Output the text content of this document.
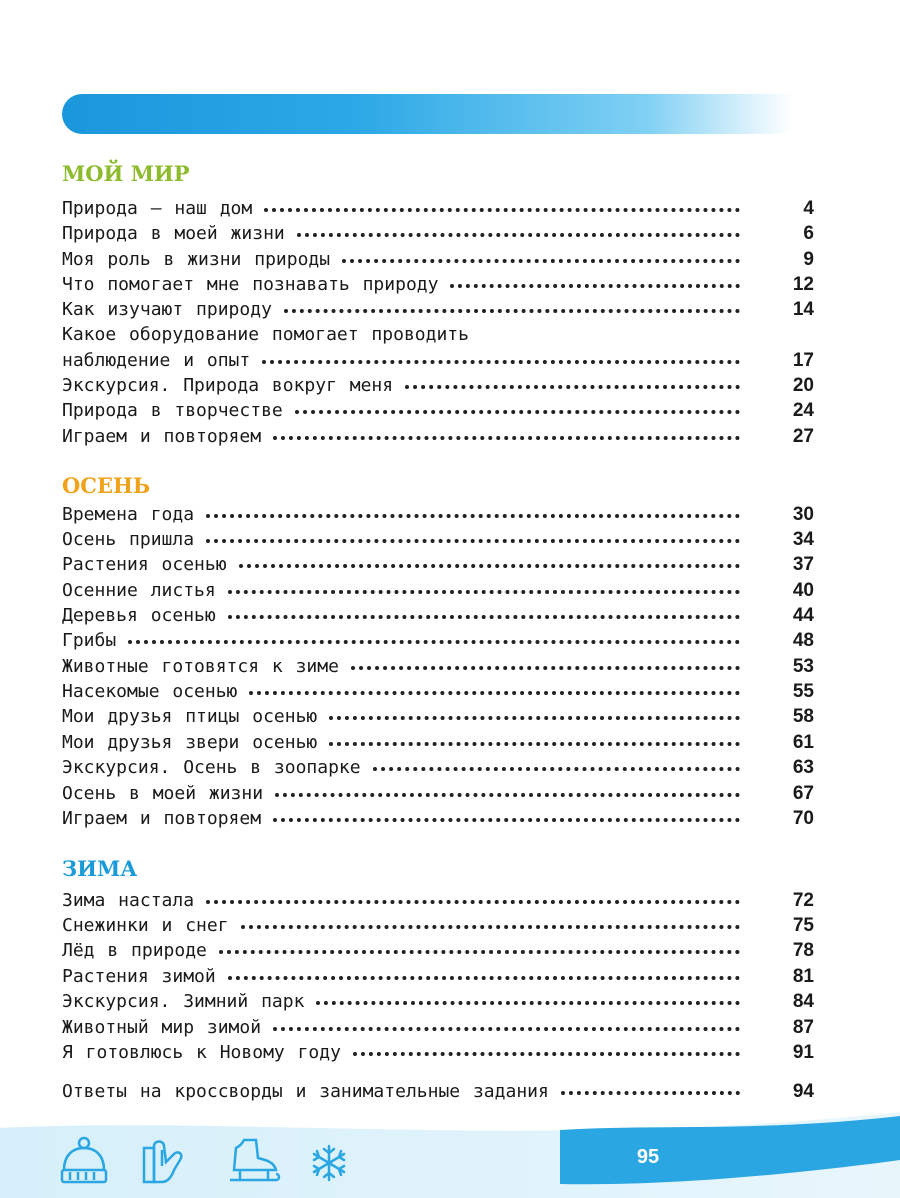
СОДЕРЖАНИЕ
МОЙ МИР
Природа — наш дом	4
Природа в моей жизни	6
Моя роль в жизни природы	9
Что помогает мне познавать природу	12
Как изучают природу	14
Какое оборудование помогает проводить
наблюдение и опыт	17
Экскурсия. Природа вокруг меня	20
Природа в творчестве	24
Играем и повторяем	27
ОСЕНЬ
Времена года	30
Осень пришла	34
Растения осенью	37
Осенние листья	40
Деревья осенью	44
Грибы	48
Животные готовятся к зиме	53
Насекомые осенью	55
Мои друзья птицы осенью	58
Мои друзья звери осенью	61
Экскурсия. Осень в зоопарке	63
Осень в моей жизни	67
Играем и повторяем	70
ЗИМА
Зима настала	72
Снежинки и снег	75
Лёд в природе	78
Растения зимой	81
Экскурсия. Зимний парк	84
Животный мир зимой	87
Я готовлюсь к Новому году	91
Ответы на кроссворды и занимательные задания	94
95
